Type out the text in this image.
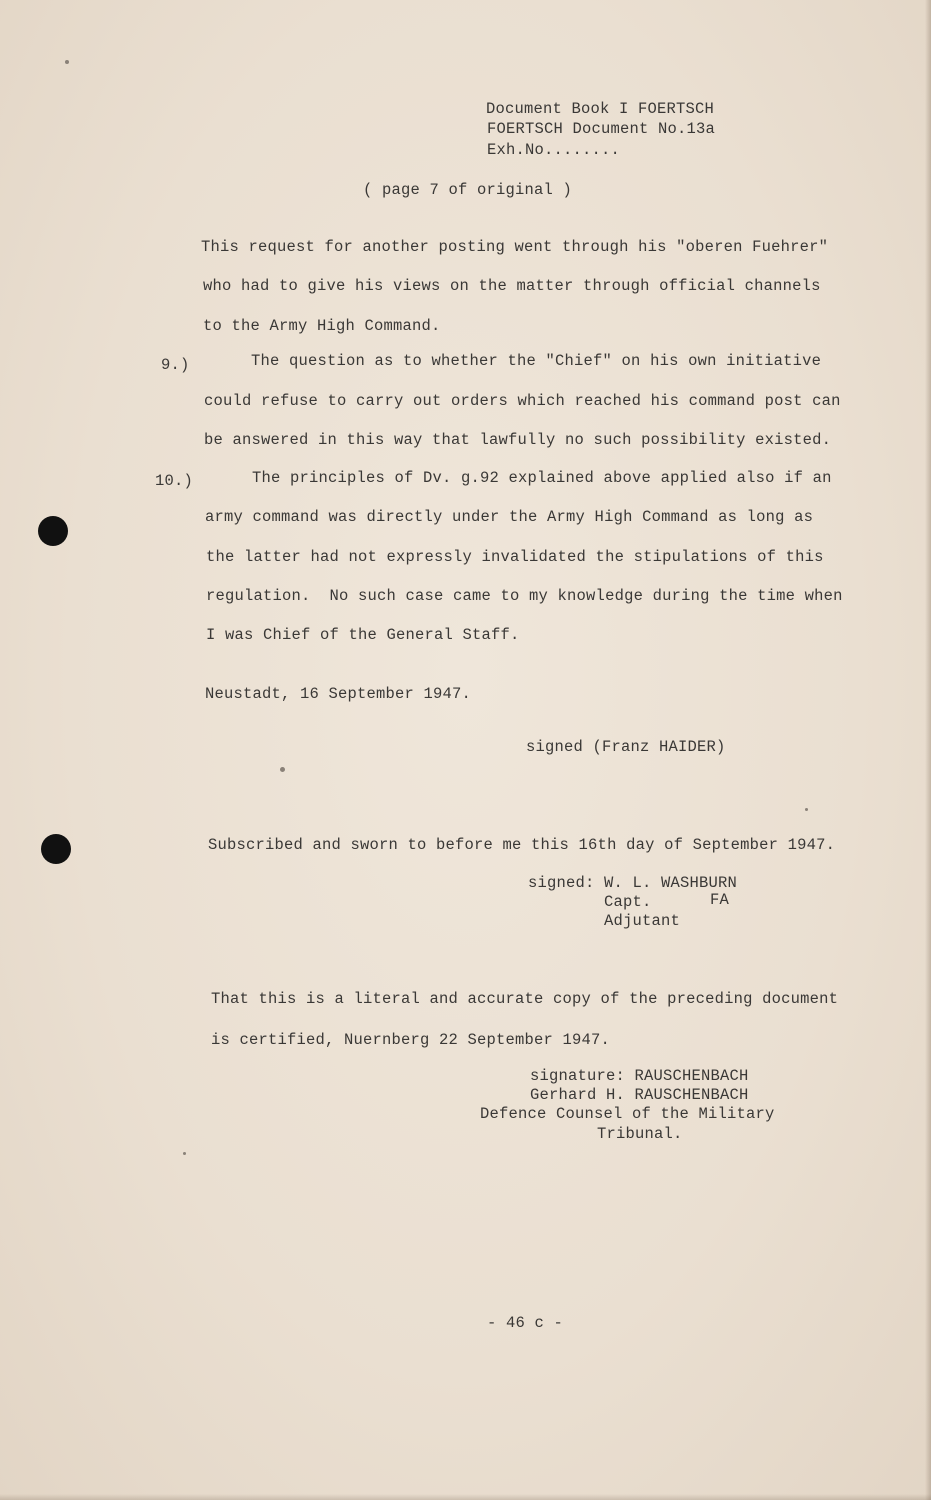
Document Book I FOERTSCH
FOERTSCH Document No.13a
Exh.No........
( page 7 of original )
This request for another posting went through his "oberen Fuehrer"
who had to give his views on the matter through official channels
to the Army High Command.
9.)	The question as to whether the "Chief" on his own initiative
could refuse to carry out orders which reached his command post can
be answered in this way that lawfully no such possibility existed.
10.)	The principles of Dv. g.92 explained above applied also if an
army command was directly under the Army High Command as long as
the latter had not expressly invalidated the stipulations of this
regulation.  No such case came to my knowledge during the time when
I was Chief of the General Staff.
Neustadt, 16 September 1947.
signed (Franz HAIDER)
Subscribed and sworn to before me this 16th day of September 1947.
signed: W. L. WASHBURN
Capt.	FA
Adjutant
That this is a literal and accurate copy of the preceding document
is certified, Nuernberg 22 September 1947.
signature: RAUSCHENBACH
Gerhard H. RAUSCHENBACH
Defence Counsel of the Military
Tribunal.
- 46 c -
